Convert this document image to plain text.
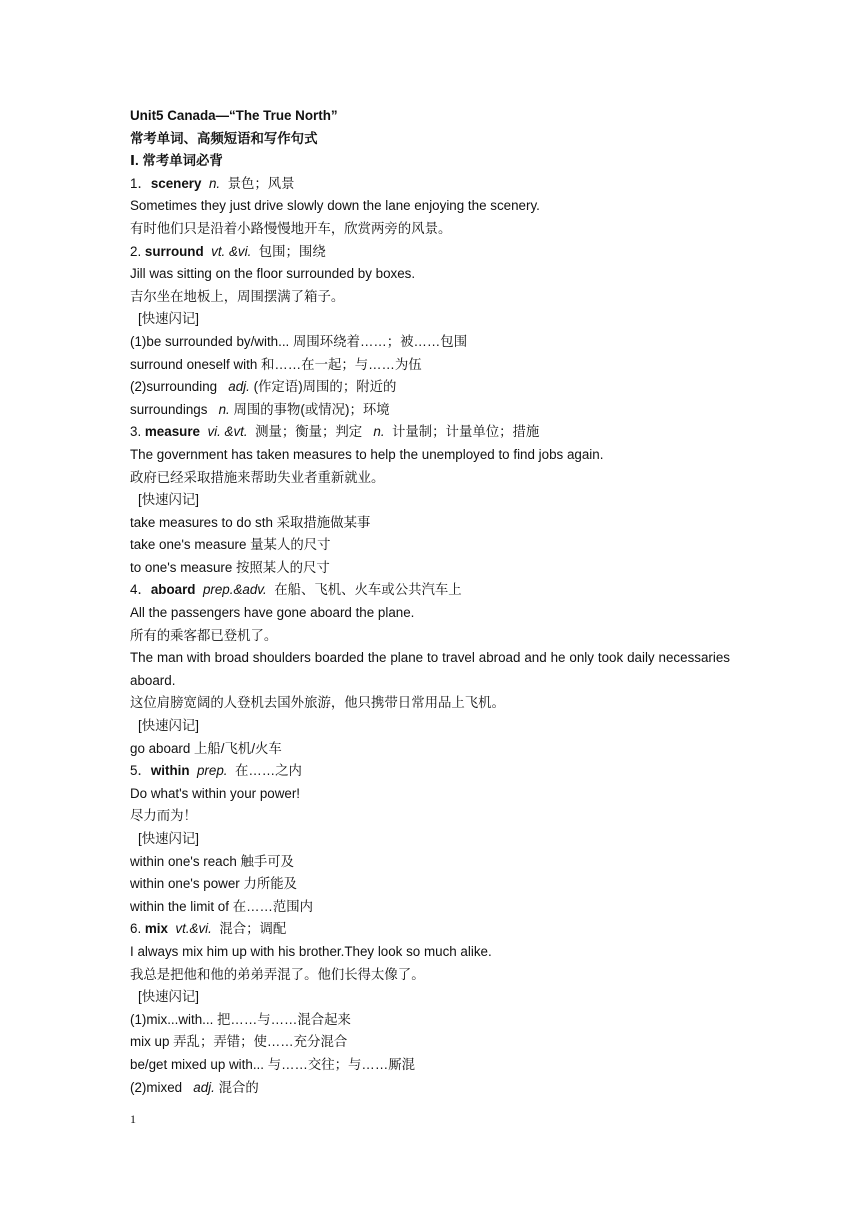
Unit5 Canada—“The True North”
常考单词、高频短语和写作句式
Ⅰ. 常考单词必背
1．scenery n. 景色；风景
Sometimes they just drive slowly down the lane enjoying the scenery.
有时他们只是沿着小路慢慢地开车，欣赏两旁的风景。
2. surround vt. &vi. 包围；围绕
Jill was sitting on the floor surrounded by boxes.
吉尔坐在地板上，周围摆满了箱子。
[快速闪记]
(1)be surrounded by/with... 周围环绕着……；被……包围
surround oneself with 和……在一起；与……为伍
(2)surrounding   adj. (作定语)周围的；附近的
surroundings   n. 周围的事物(或情况)；环境
3. measure vi. &vt. 测量；衡量；判定 n. 计量制；计量单位；措施
The government has taken measures to help the unemployed to find jobs again.
政府已经采取措施来帮助失业者重新就业。
[快速闪记]
take measures to do sth 采取措施做某事
take one's measure 量某人的尺寸
to one's measure 按照某人的尺寸
4．aboard prep.&adv. 在船、飞机、火车或公共汽车上
All the passengers have gone aboard the plane.
所有的乘客都已登机了。
The man with broad shoulders boarded the plane to travel abroad and he only took daily necessaries aboard.
这位肩膀宽阔的人登机去国外旅游，他只携带日常用品上飞机。
[快速闪记]
go aboard 上船/飞机/火车
5．within prep. 在……之内
Do what's within your power!
尽力而为！
[快速闪记]
within one's reach 触手可及
within one's power 力所能及
within the limit of 在……范围内
6. mix vt.&vi. 混合；调配
I always mix him up with his brother.They look so much alike.
我总是把他和他的弟弟弄混了。他们长得太像了。
[快速闪记]
(1)mix...with... 把……与……混合起来
mix up 弄乱；弄错；使……充分混合
be/get mixed up with... 与……交往；与……厮混
(2)mixed   adj. 混合的
1
